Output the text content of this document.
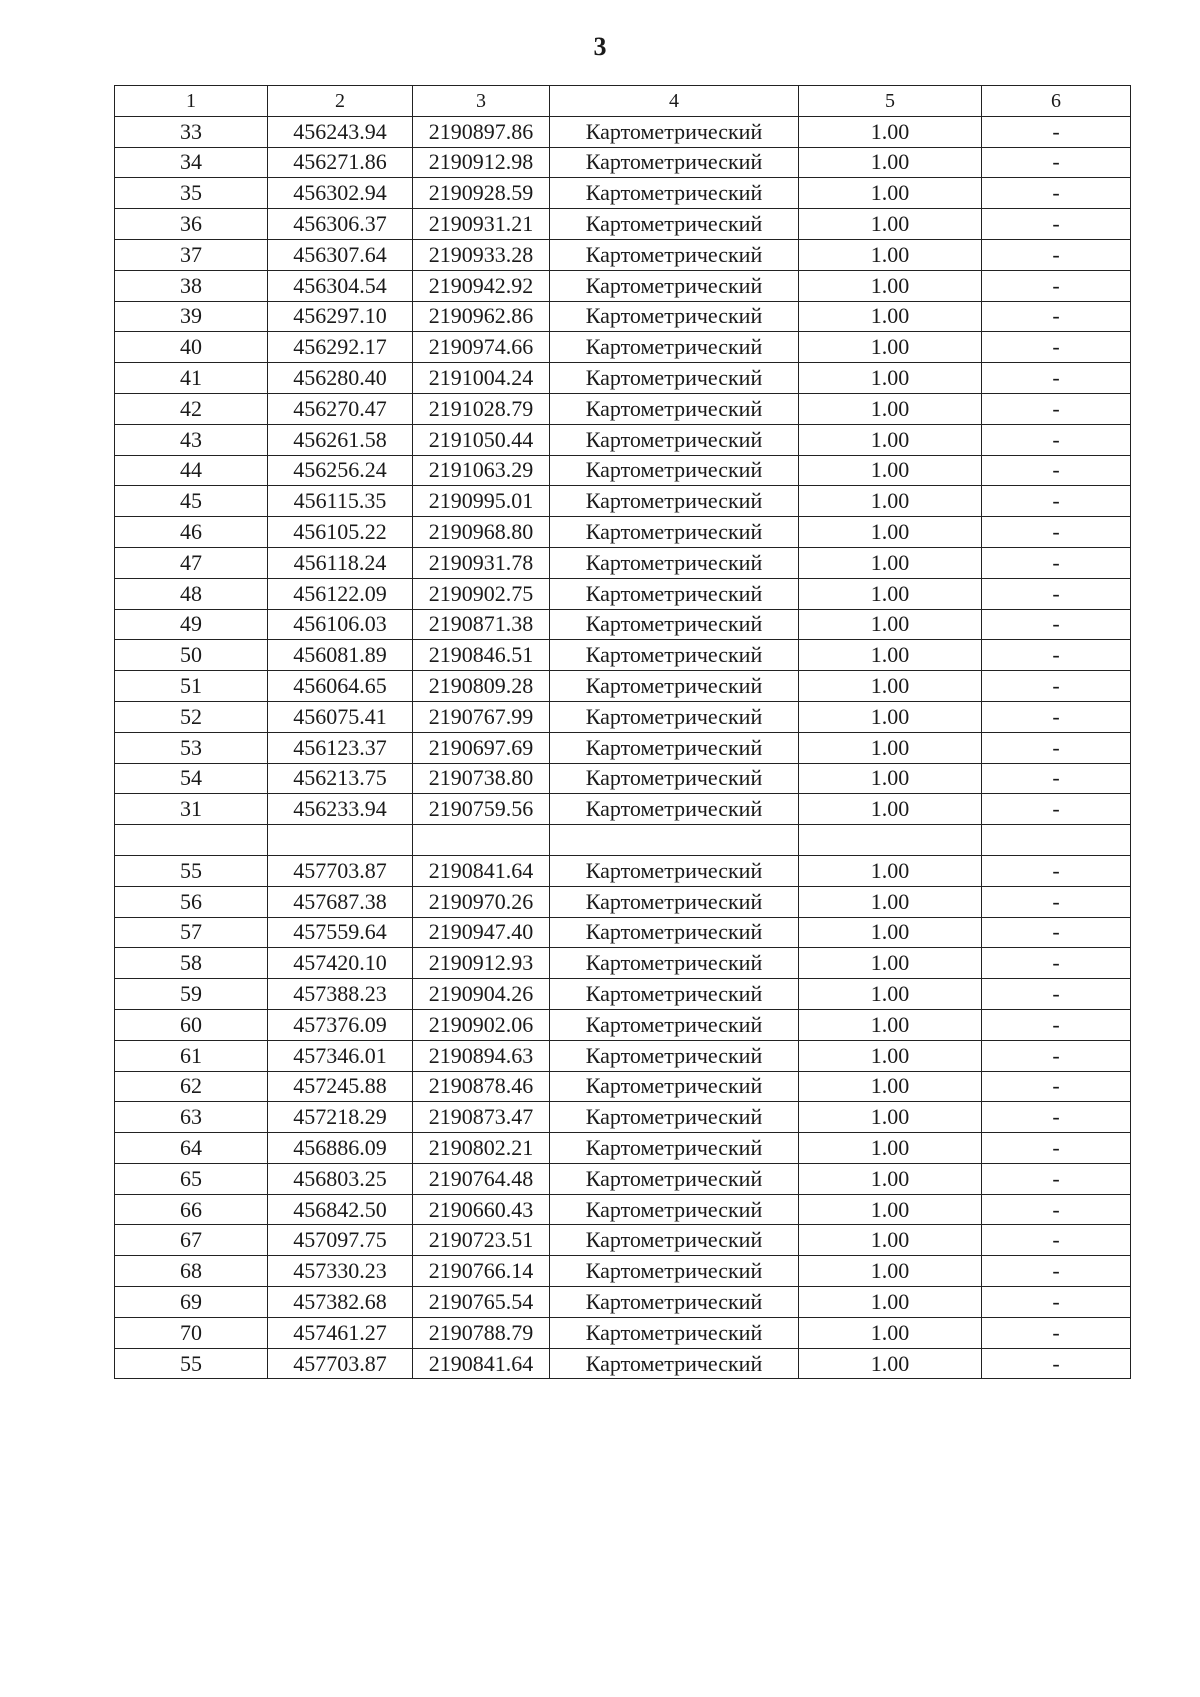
3
1	2	3	4	5	6
33	456243.94	2190897.86	Картометрический	1.00	-
34	456271.86	2190912.98	Картометрический	1.00	-
35	456302.94	2190928.59	Картометрический	1.00	-
36	456306.37	2190931.21	Картометрический	1.00	-
37	456307.64	2190933.28	Картометрический	1.00	-
38	456304.54	2190942.92	Картометрический	1.00	-
39	456297.10	2190962.86	Картометрический	1.00	-
40	456292.17	2190974.66	Картометрический	1.00	-
41	456280.40	2191004.24	Картометрический	1.00	-
42	456270.47	2191028.79	Картометрический	1.00	-
43	456261.58	2191050.44	Картометрический	1.00	-
44	456256.24	2191063.29	Картометрический	1.00	-
45	456115.35	2190995.01	Картометрический	1.00	-
46	456105.22	2190968.80	Картометрический	1.00	-
47	456118.24	2190931.78	Картометрический	1.00	-
48	456122.09	2190902.75	Картометрический	1.00	-
49	456106.03	2190871.38	Картометрический	1.00	-
50	456081.89	2190846.51	Картометрический	1.00	-
51	456064.65	2190809.28	Картометрический	1.00	-
52	456075.41	2190767.99	Картометрический	1.00	-
53	456123.37	2190697.69	Картометрический	1.00	-
54	456213.75	2190738.80	Картометрический	1.00	-
31	456233.94	2190759.56	Картометрический	1.00	-

55	457703.87	2190841.64	Картометрический	1.00	-
56	457687.38	2190970.26	Картометрический	1.00	-
57	457559.64	2190947.40	Картометрический	1.00	-
58	457420.10	2190912.93	Картометрический	1.00	-
59	457388.23	2190904.26	Картометрический	1.00	-
60	457376.09	2190902.06	Картометрический	1.00	-
61	457346.01	2190894.63	Картометрический	1.00	-
62	457245.88	2190878.46	Картометрический	1.00	-
63	457218.29	2190873.47	Картометрический	1.00	-
64	456886.09	2190802.21	Картометрический	1.00	-
65	456803.25	2190764.48	Картометрический	1.00	-
66	456842.50	2190660.43	Картометрический	1.00	-
67	457097.75	2190723.51	Картометрический	1.00	-
68	457330.23	2190766.14	Картометрический	1.00	-
69	457382.68	2190765.54	Картометрический	1.00	-
70	457461.27	2190788.79	Картометрический	1.00	-
55	457703.87	2190841.64	Картометрический	1.00	-
